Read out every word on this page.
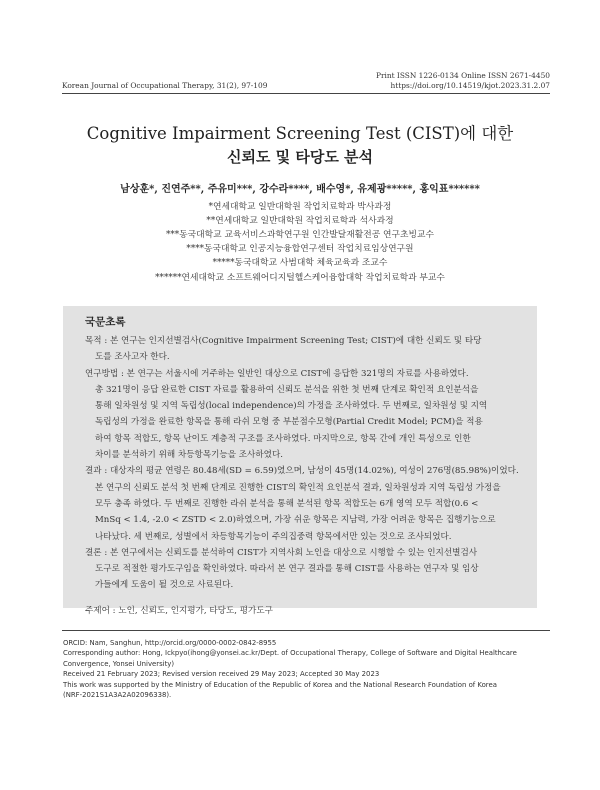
Print ISSN 1226-0134 Online ISSN 2671-4450
Korean Journal of Occupational Therapy, 31(2), 97-109	https://doi.org/10.14519/kjot.2023.31.2.07
Cognitive Impairment Screening Test (CIST)에 대한
신뢰도 및 타당도 분석
남상훈*, 진연주**, 주유미***, 강수라****, 배수영*, 유제광*****, 홍익표******
*연세대학교 일반대학원 작업치료학과 박사과정
**연세대학교 일반대학원 작업치료학과 석사과정
***동국대학교 교육서비스과학연구원 인간발달재활전공 연구초빙교수
****동국대학교 인공지능융합연구센터 작업치료임상연구원
*****동국대학교 사범대학 체육교육과 조교수
******연세대학교 소프트웨어디지털헬스케어융합대학 작업치료학과 부교수
국문초록
목적 : 본 연구는 인지선별검사(Cognitive Impairment Screening Test; CIST)에 대한 신뢰도 및 타당
도를 조사고자 한다.
연구방법 : 본 연구는 서울시에 거주하는 일반인 대상으로 CIST에 응답한 321명의 자료를 사용하였다.
총 321명이 응답 완료한 CIST 자료를 활용하여 신뢰도 분석을 위한 첫 번째 단계로 확인적 요인분석을
통해 일차원성 및 지역 독립성(local independence)의 가정을 조사하였다. 두 번째로, 일차원성 및 지역
독립성의 가정을 완료한 항목을 통해 라쉬 모형 중 부분점수모형(Partial Credit Model; PCM)을 적용
하여 항목 적합도, 항목 난이도 계층적 구조를 조사하였다. 마지막으로, 항목 간에 개인 특성으로 인한
차이를 분석하기 위해 차등항목기능을 조사하였다.
결과 : 대상자의 평균 연령은 80.48세(SD = 6.59)였으며, 남성이 45명(14.02%), 여성이 276명(85.98%)이었다.
본 연구의 신뢰도 분석 첫 번째 단계로 진행한 CIST의 확인적 요인분석 결과, 일차원성과 지역 독립성 가정을
모두 충족 하였다. 두 번째로 진행한 라쉬 분석을 통해 분석된 항목 적합도는 6개 영역 모두 적합(0.6 <
MnSq < 1.4, -2.0 < ZSTD < 2.0)하였으며, 가장 쉬운 항목은 지남력, 가장 어려운 항목은 집행기능으로
나타났다. 세 번째로, 성별에서 차등항목기능이 주의집중력 항목에서만 있는 것으로 조사되었다.
결론 : 본 연구에서는 신뢰도를 분석하여 CIST가 지역사회 노인을 대상으로 시행할 수 있는 인지선별검사
도구로 적절한 평가도구임을 확인하였다. 따라서 본 연구 결과를 통해 CIST를 사용하는 연구자 및 임상
가들에게 도움이 될 것으로 사료된다.
주제어 : 노인, 신뢰도, 인지평가, 타당도, 평가도구
ORCID: Nam, Sanghun, http://orcid.org/0000-0002-0842-8955
Corresponding author: Hong, Ickpyo(ihong@yonsei.ac.kr/Dept. of Occupational Therapy, College of Software and Digital Healthcare
Convergence, Yonsei University)
Received 21 February 2023; Revised version received 29 May 2023; Accepted 30 May 2023
This work was supported by the Ministry of Education of the Republic of Korea and the National Research Foundation of Korea
(NRF-2021S1A3A2A02096338).
